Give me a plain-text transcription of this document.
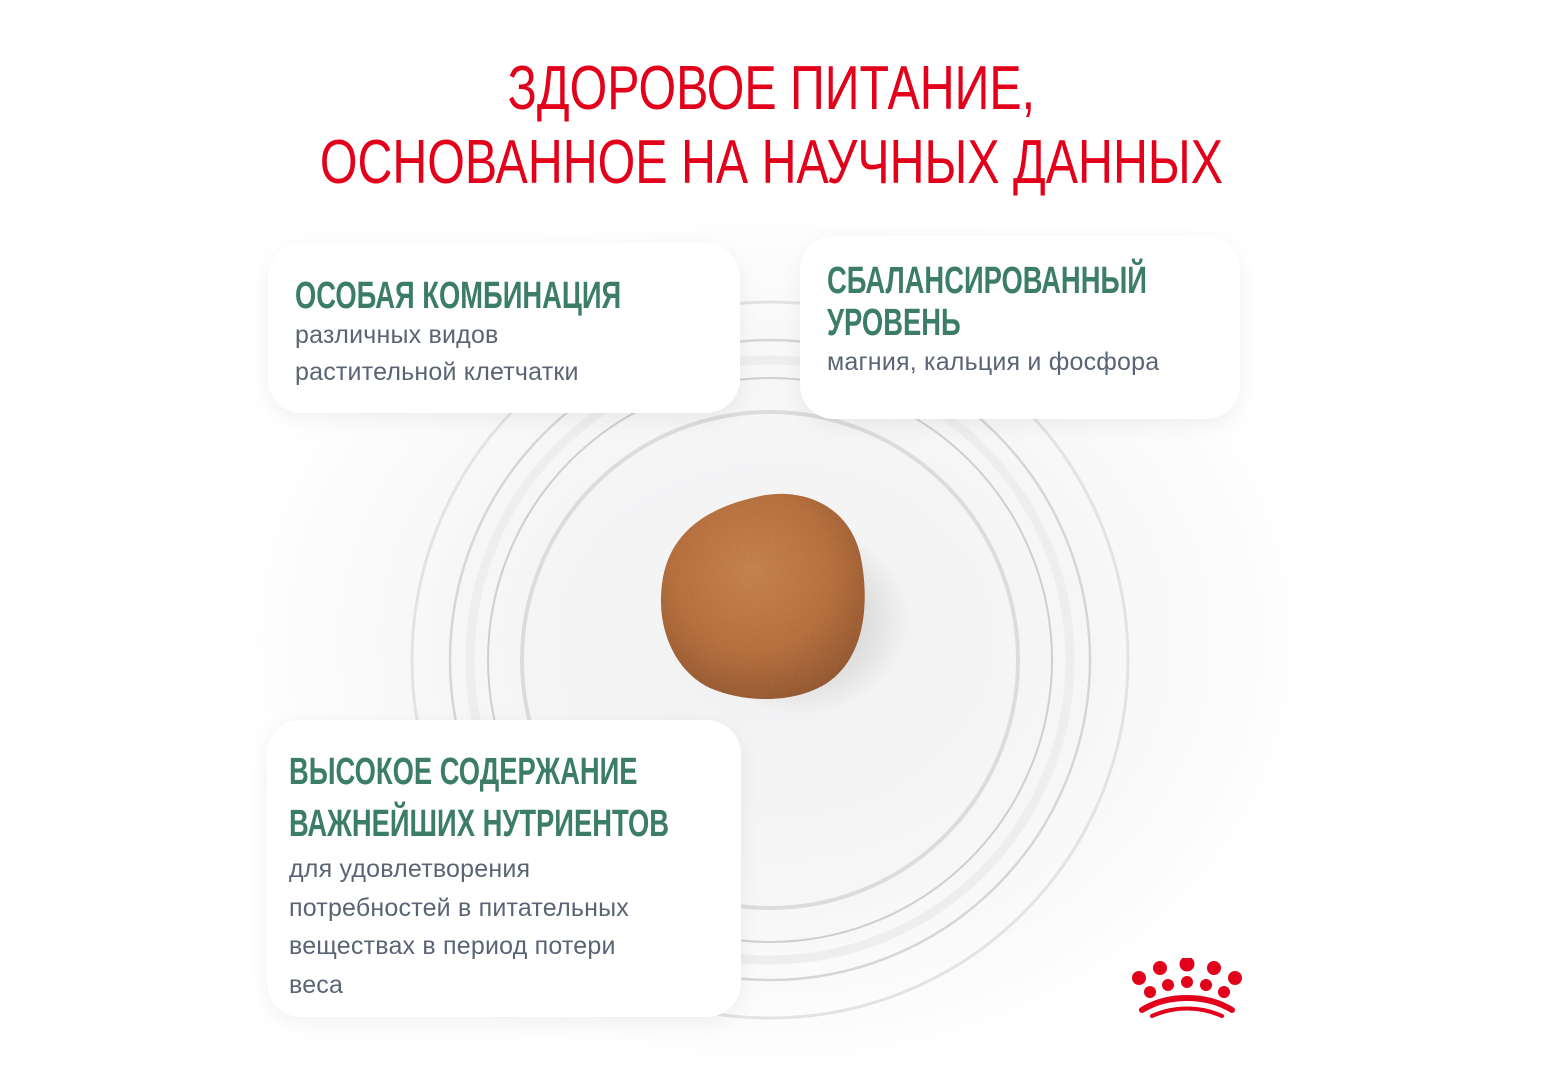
ЗДОРОВОЕ ПИТАНИЕ,
ОСНОВАННОЕ НА НАУЧНЫХ ДАННЫХ
ОСОБАЯ КОМБИНАЦИЯ
различных видов
растительной клетчатки
СБАЛАНСИРОВАННЫЙ
УРОВЕНЬ
магния, кальция и фосфора
ВЫСОКОЕ СОДЕРЖАНИЕ
ВАЖНЕЙШИХ НУТРИЕНТОВ
для удовлетворения
потребностей в питательных
веществах в период потери
веса
